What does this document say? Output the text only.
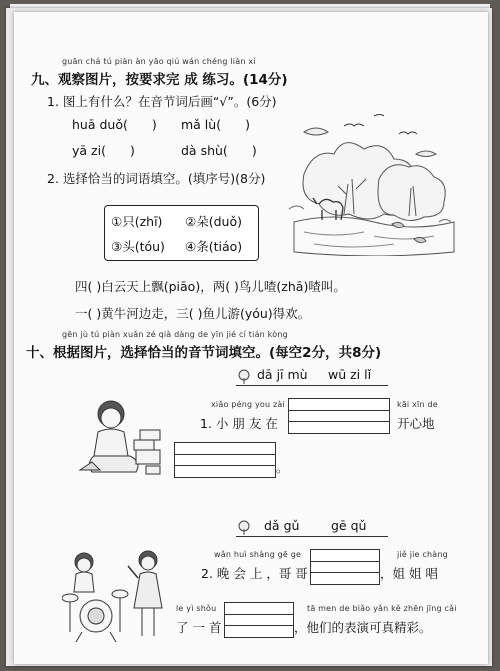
guān chá tú piàn àn yāo qiú wán chéng liàn xí
九、观察图片，按要求完 成 练习。(14分)
1. 图上有什么？在音节词后画“√”。(6分)
huā duǒ( ) mǎ lù( )
yā zi( )	dà shù( )
2. 选择恰当的词语填空。(填序号)(8分)
①只(zhī) ②朵(duǒ)
③头(tóu) ④条(tiáo)
四( )白云天上飘(piāo)，两( )鸟儿喳(zhā)喳叫。
一( )黄牛河边走，三( )鱼儿游(yóu)得欢。
gēn jù tú piàn xuǎn zé qià dàng de yīn jié cí tián kòng
十、根据图片，选择恰当的音节词填空。(每空2分，共8分)
dā jī mù wū zi lǐ
xiǎo péng you zài
1. 小 朋 友 在
kāi xīn de
开心地
。
dǎ gǔ	gē qǔ
wǎn huì shàng gē ge
2. 晚 会 上 ，哥 哥
jiě jie chàng
，姐 姐 唱
le yì shǒu
了 一 首
tā men de biǎo yǎn kě zhēn jīng cǎi
，他们的表演可真精彩。
